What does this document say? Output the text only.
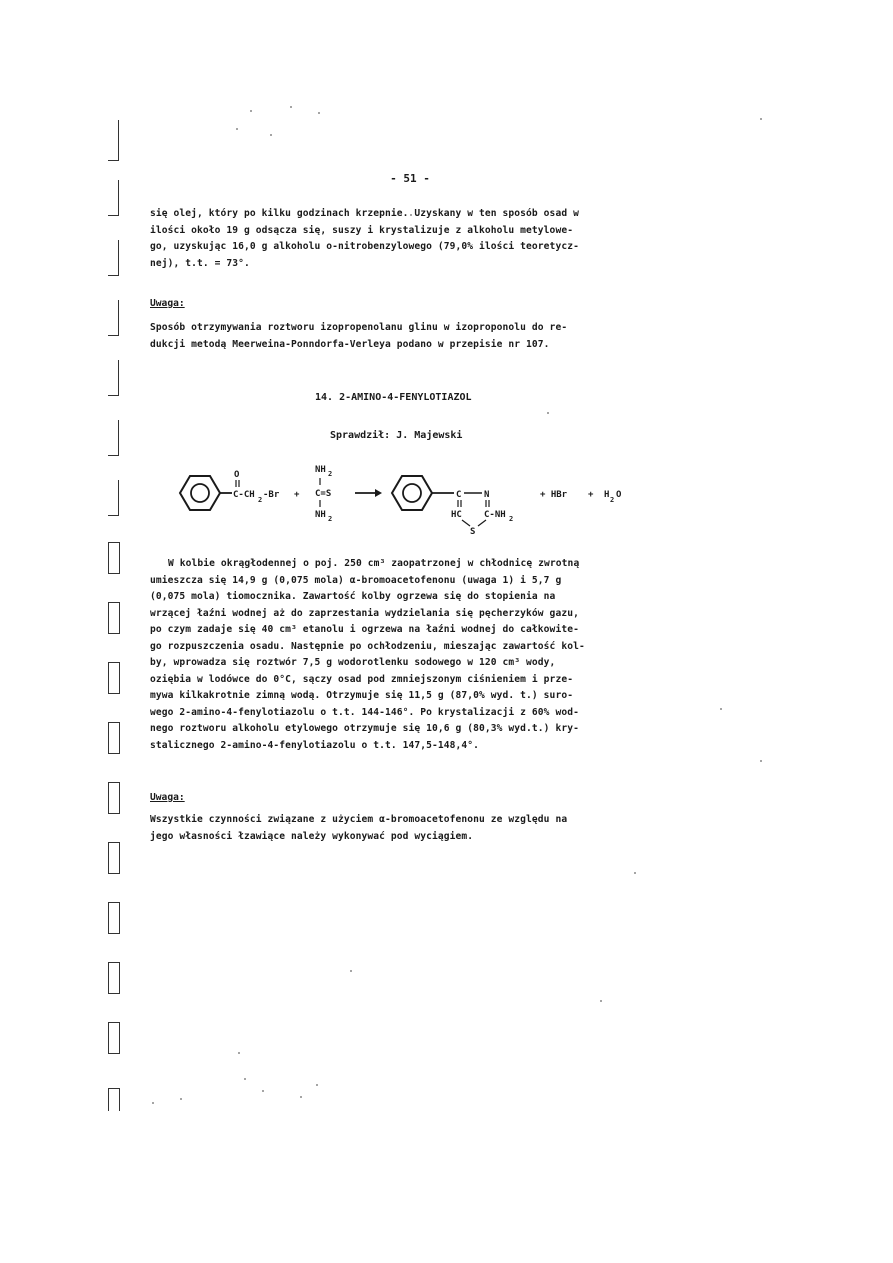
- 51 -
się olej, który po kilku godzinach krzepnie. Uzyskany w ten sposób osad w
ilości około 19 g odsącza się, suszy i krystalizuje z alkoholu metylowe-
go, uzyskując 16,0 g alkoholu o-nitrobenzylowego (79,0% ilości teoretycz-
nej), t.t. = 73°.
Uwaga:
Sposób otrzymywania roztworu izopropenolanu glinu w izoproponolu do re-
dukcji metodą Meerweina-Ponndorfa-Verleya podano w przepisie nr 107.
14. 2-AMINO-4-FENYLOTIAZOL
Sprawdził: J. Majewski
O
C-CH 2 -Br +
NH 2
C=S
NH 2
C	N
HC C-NH 2
S
+ HBr + H 2 O
W kolbie okrągłodennej o poj. 250 cm³ zaopatrzonej w chłodnicę zwrotną
umieszcza się 14,9 g (0,075 mola) α-bromoacetofenonu (uwaga 1) i 5,7 g
(0,075 mola) tiomocznika. Zawartość kolby ogrzewa się do stopienia na
wrzącej łaźni wodnej aż do zaprzestania wydzielania się pęcherzyków gazu,
po czym zadaje się 40 cm³ etanolu i ogrzewa na łaźni wodnej do całkowite-
go rozpuszczenia osadu. Następnie po ochłodzeniu, mieszając zawartość kol-
by, wprowadza się roztwór 7,5 g wodorotlenku sodowego w 120 cm³ wody,
oziębia w lodówce do 0°C, sączy osad pod zmniejszonym ciśnieniem i prze-
mywa kilkakrotnie zimną wodą. Otrzymuje się 11,5 g (87,0% wyd. t.) suro-
wego 2-amino-4-fenylotiazolu o t.t. 144-146°. Po krystalizacji z 60% wod-
nego roztworu alkoholu etylowego otrzymuje się 10,6 g (80,3% wyd.t.) kry-
stalicznego 2-amino-4-fenylotiazolu o t.t. 147,5-148,4°.
Uwaga:
Wszystkie czynności związane z użyciem α-bromoacetofenonu ze względu na
jego własności łzawiące należy wykonywać pod wyciągiem.
